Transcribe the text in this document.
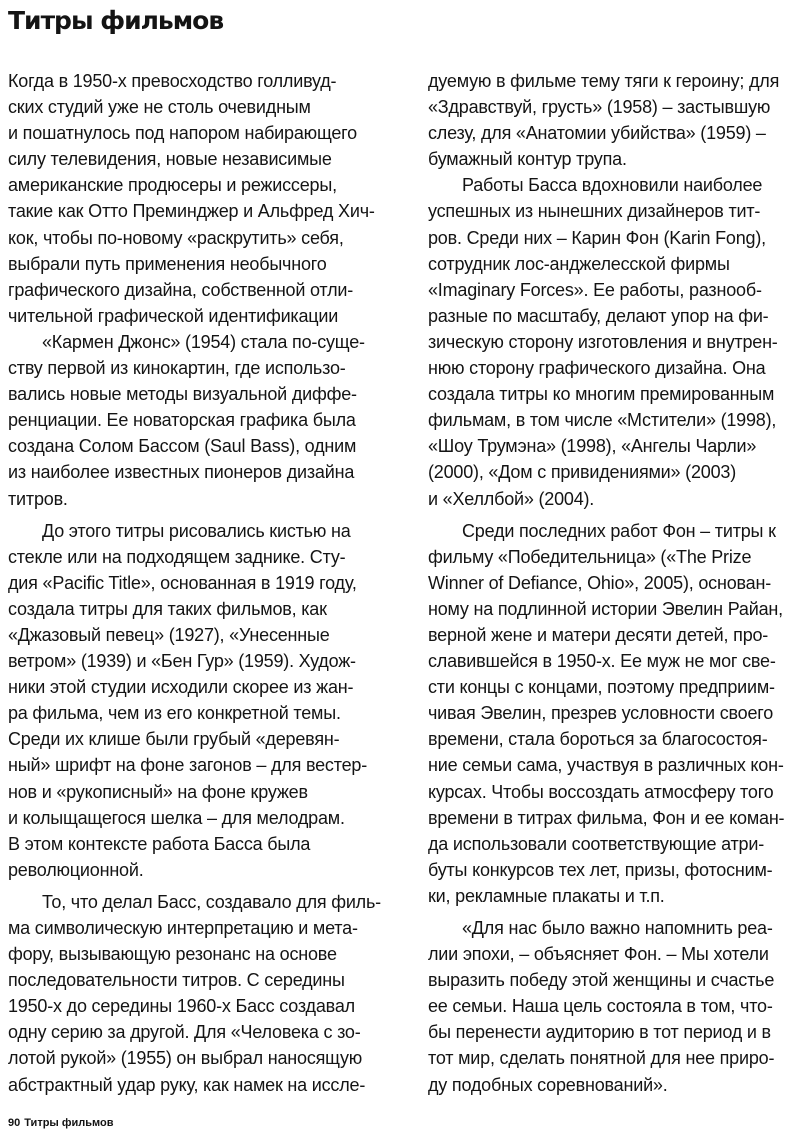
Титры фильмов
Когда в 1950-х превосходство голливуд-
ских студий уже не столь очевидным
и пошатнулось под напором набирающего
силу телевидения, новые независимые
американские продюсеры и режиссеры,
такие как Отто Преминджер и Альфред Хич-
кок, чтобы по-новому «раскрутить» себя,
выбрали путь применения необычного
графического дизайна, собственной отли-
чительной графической идентификации
«Кармен Джонс» (1954) стала по-суще-
ству первой из кинокартин, где использо-
вались новые методы визуальной диффе-
ренциации. Ее новаторская графика была
создана Солом Бассом (Saul Bass), одним
из наиболее известных пионеров дизайна
титров.
До этого титры рисовались кистью на
стекле или на подходящем заднике. Сту-
дия «Pacific Title», основанная в 1919 году,
создала титры для таких фильмов, как
«Джазовый певец» (1927), «Унесенные
ветром» (1939) и «Бен Гур» (1959). Худож-
ники этой студии исходили скорее из жан-
ра фильма, чем из его конкретной темы.
Среди их клише были грубый «деревян-
ный» шрифт на фоне загонов – для вестер-
нов и «рукописный» на фоне кружев
и колыщащегося шелка – для мелодрам.
В этом контексте работа Басса была
революционной.
То, что делал Басс, создавало для филь-
ма символическую интерпретацию и мета-
фору, вызывающую резонанс на основе
последовательности титров. С середины
1950-х до середины 1960-х Басс создавал
одну серию за другой. Для «Человека с зо-
лотой рукой» (1955) он выбрал наносящую
абстрактный удар руку, как намек на иссле-
дуемую в фильме тему тяги к героину; для
«Здравствуй, грусть» (1958) – застывшую
слезу, для «Анатомии убийства» (1959) –
бумажный контур трупа.
Работы Басса вдохновили наиболее
успешных из нынешних дизайнеров тит-
ров. Среди них – Карин Фон (Karin Fong),
сотрудник лос-анджелесской фирмы
«Imaginary Forces». Ее работы, разнооб-
разные по масштабу, делают упор на фи-
зическую сторону изготовления и внутрен-
нюю сторону графического дизайна. Она
создала титры ко многим премированным
фильмам, в том числе «Мстители» (1998),
«Шоу Трумэна» (1998), «Ангелы Чарли»
(2000), «Дом с привидениями» (2003)
и «Хеллбой» (2004).
Среди последних работ Фон – титры к
фильму «Победительница» («The Prize
Winner of Defiance, Ohio», 2005), основан-
ному на подлинной истории Эвелин Райан,
верной жене и матери десяти детей, про-
славившейся в 1950-х. Ее муж не мог све-
сти концы с концами, поэтому предприим-
чивая Эвелин, презрев условности своего
времени, стала бороться за благосостоя-
ние семьи сама, участвуя в различных кон-
курсах. Чтобы воссоздать атмосферу того
времени в титрах фильма, Фон и ее коман-
да использовали соответствующие атри-
буты конкурсов тех лет, призы, фотосним-
ки, рекламные плакаты и т.п.
«Для нас было важно напомнить реа-
лии эпохи, – объясняет Фон. – Мы хотели
выразить победу этой женщины и счастье
ее семьи. Наша цель состояла в том, что-
бы перенести аудиторию в тот период и в
тот мир, сделать понятной для нее приро-
ду подобных соревнований».
90 Титры фильмов
